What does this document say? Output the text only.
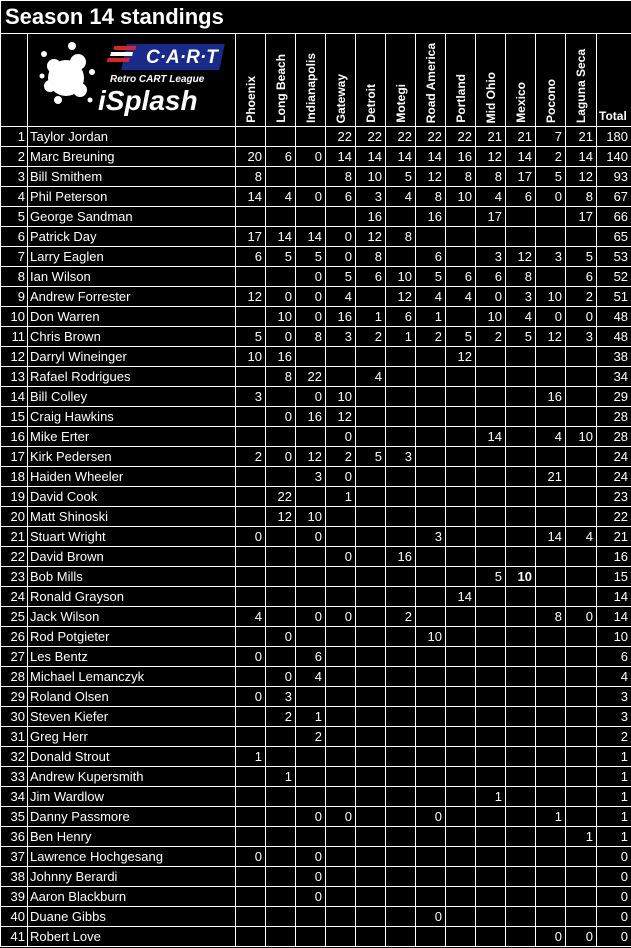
Season 14 standings														

C·A·R·T
Retro CART League
iSplash	Phoenix	Long Beach	Indianapolis	Gateway	Detroit	Motegi	Road America	Portland	Mid Ohio	Mexico	Pocono	Laguna Seca	Total
1	Taylor Jordan				22	22	22	22	22	21	21	7	21	180
2	Marc Breuning	20	6	0	14	14	14	14	16	12	14	2	14	140
3	Bill Smithem	8			8	10	5	12	8	8	17	5	12	93
4	Phil Peterson	14	4	0	6	3	4	8	10	4	6	0	8	67
5	George Sandman					16		16		17			17	66
6	Patrick Day	17	14	14	0	12	8							65
7	Larry Eaglen	6	5	5	0	8		6		3	12	3	5	53
8	Ian Wilson			0	5	6	10	5	6	6	8		6	52
9	Andrew Forrester	12	0	0	4		12	4	4	0	3	10	2	51
10	Don Warren		10	0	16	1	6	1		10	4	0	0	48
11	Chris Brown	5	0	8	3	2	1	2	5	2	5	12	3	48
12	Darryl Wineinger	10	16						12					38
13	Rafael Rodrigues		8	22		4								34
14	Bill Colley	3		0	10							16		29
15	Craig Hawkins		0	16	12									28
16	Mike Erter				0					14		4	10	28
17	Kirk Pedersen	2	0	12	2	5	3							24
18	Haiden Wheeler			3	0							21		24
19	David Cook		22		1									23
20	Matt Shinoski		12	10										22
21	Stuart Wright	0		0				3				14	4	21
22	David Brown				0		16							16
23	Bob Mills									5	10			15
24	Ronald Grayson								14					14
25	Jack Wilson	4		0	0		2					8	0	14
26	Rod Potgieter		0					10						10
27	Les Bentz	0		6										6
28	Michael Lemanczyk		0	4										4
29	Roland Olsen	0	3											3
30	Steven Kiefer		2	1										3
31	Greg Herr			2										2
32	Donald Strout	1												1
33	Andrew Kupersmith		1											1
34	Jim Wardlow									1				1
35	Danny Passmore			0	0			0				1		1
36	Ben Henry												1	1
37	Lawrence Hochgesang	0		0										0
38	Johnny Berardi			0										0
39	Aaron Blackburn			0										0
40	Duane Gibbs							0						0
41	Robert Love											0	0	0
